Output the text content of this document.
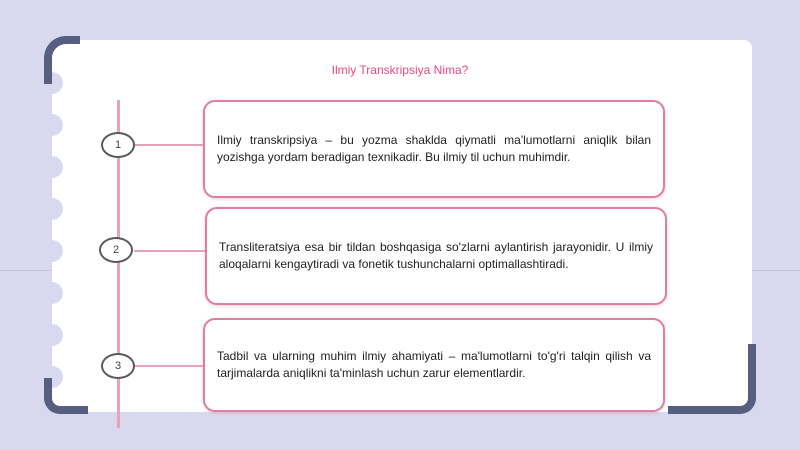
Ilmiy Transkripsiya Nima?
1	Ilmiy transkripsiya – bu yozma shaklda qiymatli ma'lumotlarni aniqlik bilan yozishga yordam beradigan texnikadir. Bu ilmiy til uchun muhimdir.
2	Transliteratsiya esa bir tildan boshqasiga so'zlarni aylantirish jarayonidir. U ilmiy aloqalarni kengaytiradi va fonetik tushunchalarni optimallashtiradi.
3
Tadbil va ularning muhim ilmiy ahamiyati – ma'lumotlarni to'g'ri talqin qilish va tarjimalarda aniqlikni ta'minlash uchun zarur elementlardir.
